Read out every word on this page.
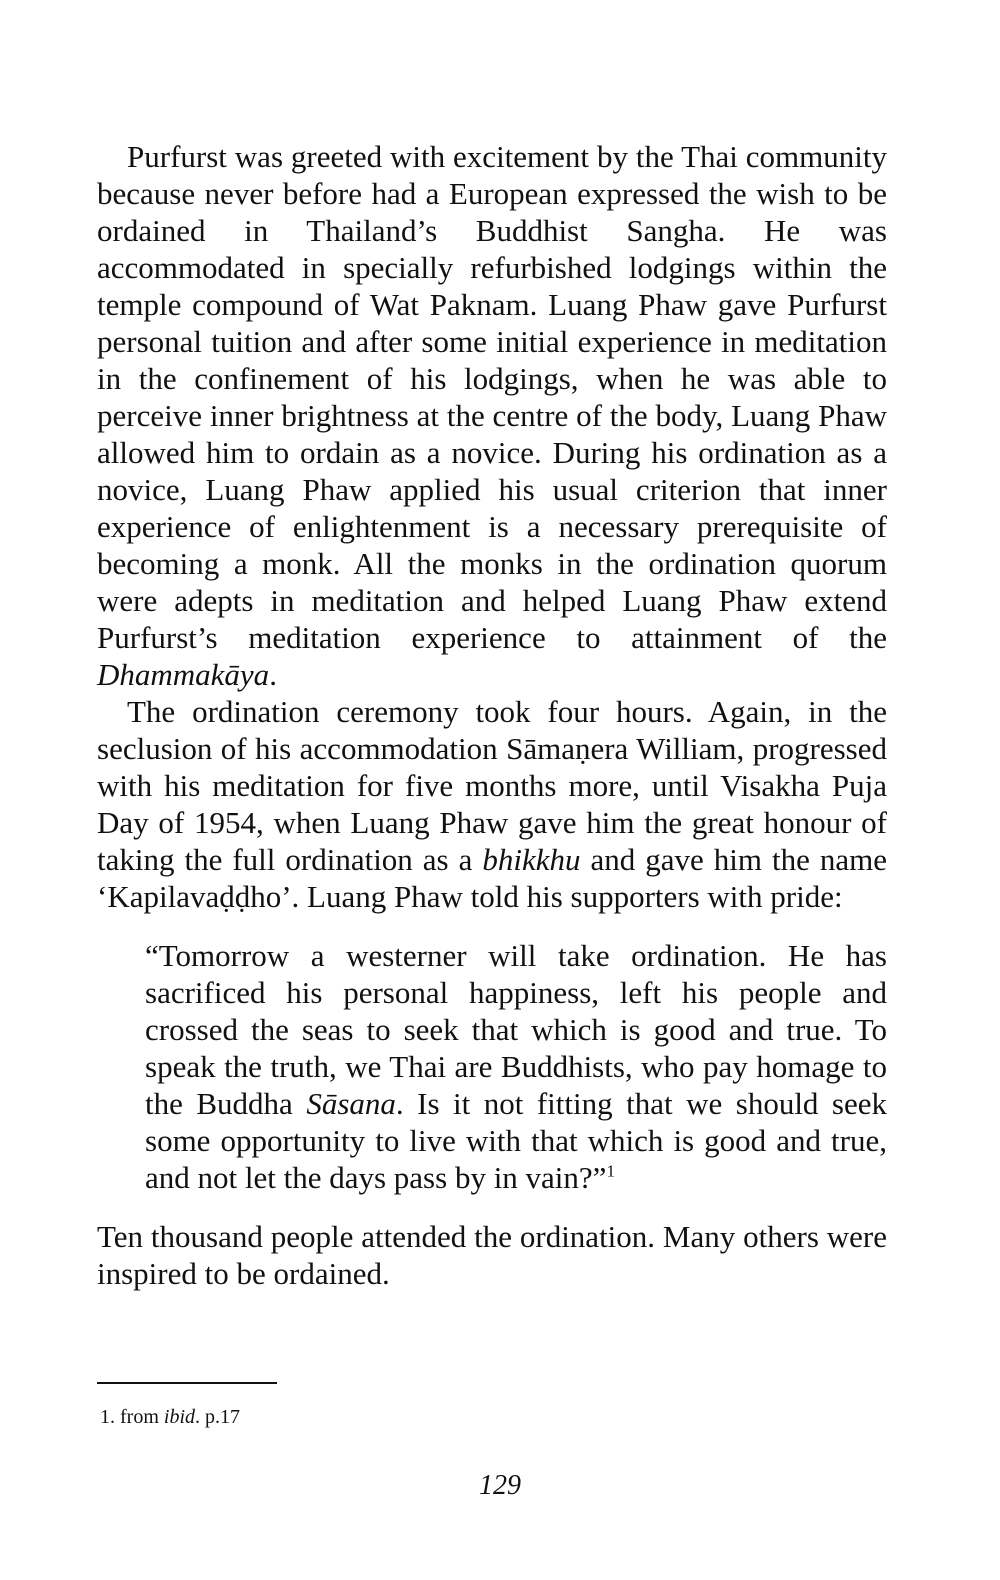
Purfurst was greeted with excitement by the Thai community because never before had a European expressed the wish to be ordained in Thailand’s Buddhist Sangha. He was accommodated in specially refurbished lodgings within the temple compound of Wat Paknam. Luang Phaw gave Purfurst personal tuition and after some initial experience in meditation in the confinement of his lodgings, when he was able to perceive inner brightness at the centre of the body, Luang Phaw allowed him to ordain as a novice. During his ordination as a novice, Luang Phaw applied his usual criterion that inner experience of enlightenment is a necessary prerequisite of becoming a monk. All the monks in the ordination quorum were adepts in meditation and helped Luang Phaw extend Purfurst’s meditation experience to attainment of the Dhammakāya.

The ordination ceremony took four hours. Again, in the seclusion of his accommodation Sāmaṇera William, progressed with his meditation for five months more, until Visakha Puja Day of 1954, when Luang Phaw gave him the great honour of taking the full ordination as a bhikkhu and gave him the name ‘Kapilavaḍḍho’. Luang Phaw told his supporters with pride:

“Tomorrow a westerner will take ordination. He has sacrificed his personal happiness, left his people and crossed the seas to seek that which is good and true. To speak the truth, we Thai are Buddhists, who pay homage to the Buddha Sāsana. Is it not fitting that we should seek some opportunity to live with that which is good and true, and not let the days pass by in vain?”$^1$

Ten thousand people attended the ordination. Many others were inspired to be ordained.

1. from ibid. p.17
129
